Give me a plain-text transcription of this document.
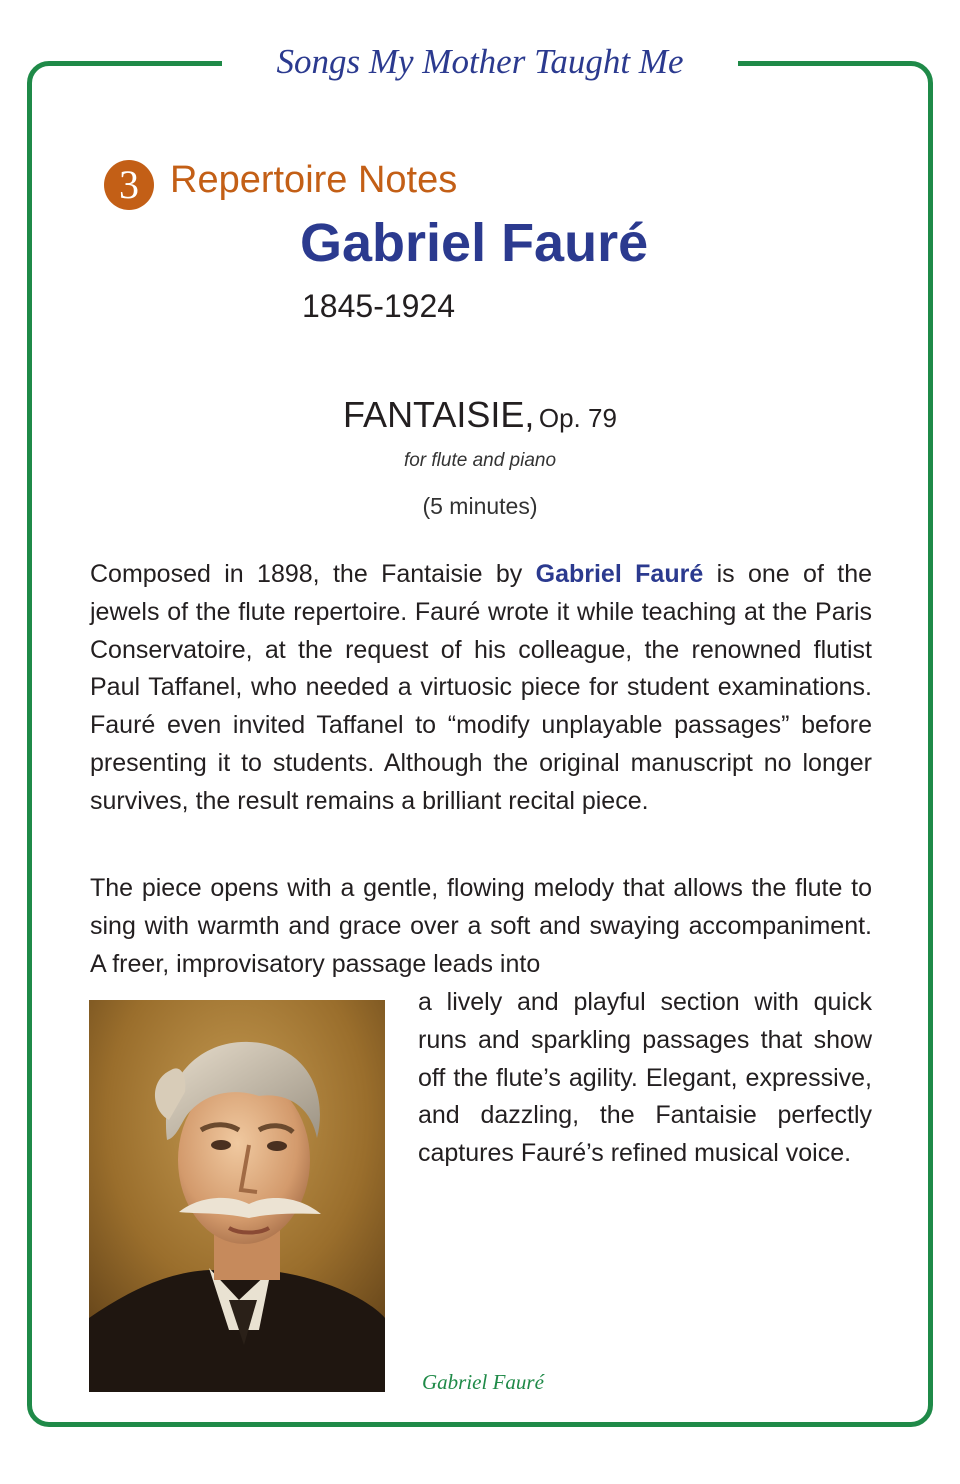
Songs My Mother Taught Me
3 Repertoire Notes
Gabriel Fauré
1845-1924
FANTAISIE, Op. 79
for flute and piano
(5 minutes)

Composed in 1898, the Fantaisie by Gabriel Fauré is one of the jewels of the flute repertoire. Fauré wrote it while teaching at the Paris Conservatoire, at the request of his colleague, the renowned flutist Paul Taffanel, who needed a virtuosic piece for student examinations. Fauré even invited Taffanel to “modify unplayable passages” before presenting it to students. Although the original manuscript no longer survives, the result remains a brilliant recital piece.

The piece opens with a gentle, flowing melody that allows the flute to sing with warmth and grace over a soft and swaying accompaniment. A freer, improvisatory passage leads into

a lively and playful section with quick runs and sparkling passages that show off the flute’s agility. Elegant, expressive, and dazzling, the Fantaisie perfectly captures Fauré’s refined musical voice.

Gabriel Fauré
